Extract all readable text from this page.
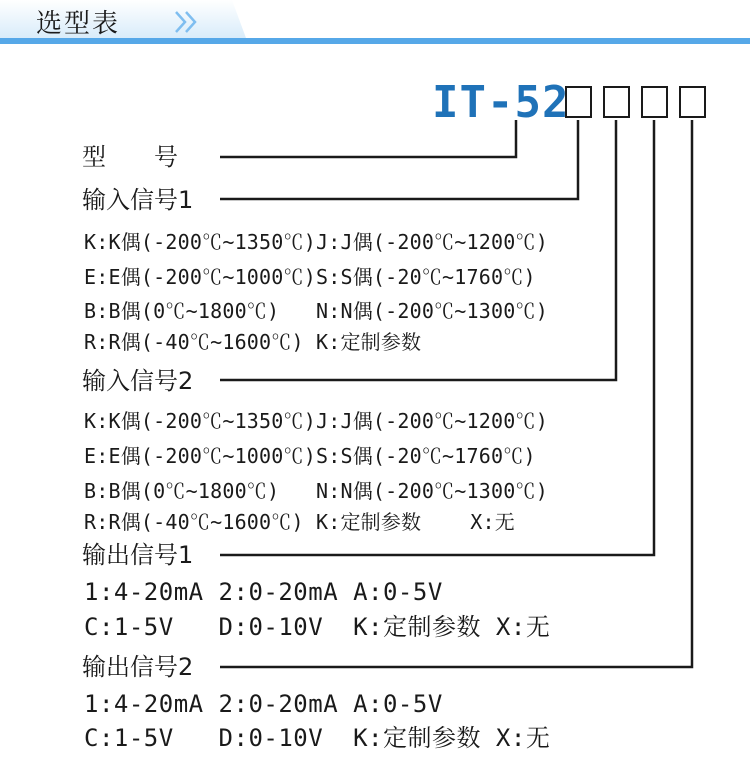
选型表
IT-52
型　　号
输入信号1
K:K偶(-200℃~1350℃)J:J偶(-200℃~1200℃)
E:E偶(-200℃~1000℃)S:S偶(-20℃~1760℃)
B:B偶(0℃~1800℃)   N:N偶(-200℃~1300℃)
R:R偶(-40℃~1600℃) K:定制参数
输入信号2
K:K偶(-200℃~1350℃)J:J偶(-200℃~1200℃)
E:E偶(-200℃~1000℃)S:S偶(-20℃~1760℃)
B:B偶(0℃~1800℃)   N:N偶(-200℃~1300℃)
R:R偶(-40℃~1600℃) K:定制参数    X:无
输出信号1
1:4-20mA 2:0-20mA A:0-5V
C:1-5V   D:0-10V  K:定制参数 X:无
输出信号2
1:4-20mA 2:0-20mA A:0-5V
C:1-5V   D:0-10V  K:定制参数 X:无
